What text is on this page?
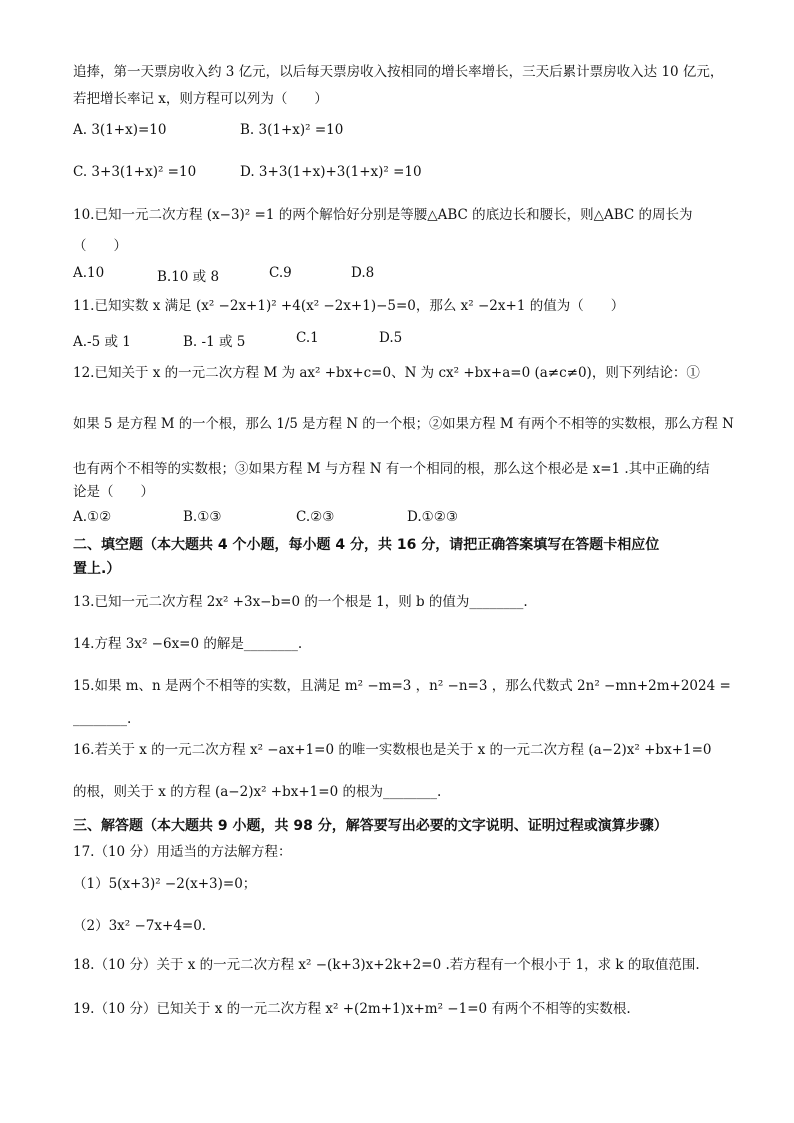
追捧，第一天票房收入约 3 亿元，以后每天票房收入按相同的增长率增长，三天后累计票房收入达 10 亿元，
若把增长率记 x，则方程可以列为（　　）
A. 3(1+x)=10	B. 3(1+x)² =10
C. 3+3(1+x)² =10	D. 3+3(1+x)+3(1+x)² =10
10.已知一元二次方程 (x−3)² =1 的两个解恰好分别是等腰△ABC 的底边长和腰长，则△ABC 的周长为
（　　）
A.10	B.10 或 8	C.9	D.8
11.已知实数 x 满足 (x² −2x+1)² +4(x² −2x+1)−5=0，那么 x² −2x+1 的值为（　　）
A.-5 或 1	B. -1 或 5	C.1	D.5
12.已知关于 x 的一元二次方程 M 为 ax² +bx+c=0、N 为 cx² +bx+a=0 (a≠c≠0)，则下列结论：①
如果 5 是方程 M 的一个根，那么 1/5 是方程 N 的一个根；②如果方程 M 有两个不相等的实数根，那么方程 N
也有两个不相等的实数根；③如果方程 M 与方程 N 有一个相同的根，那么这个根必是 x=1 .其中正确的结
论是（　　）
A.①②	B.①③	C.②③	D.①②③
二、填空题（本大题共 4 个小题，每小题 4 分，共 16 分，请把正确答案填写在答题卡相应位
置上.）
13.已知一元二次方程 2x² +3x−b=0 的一个根是 1，则 b 的值为________.
14.方程 3x² −6x=0 的解是________.
15.如果 m、n 是两个不相等的实数，且满足 m² −m=3 ，n² −n=3 ，那么代数式 2n² −mn+2m+2024 =
________.
16.若关于 x 的一元二次方程 x² −ax+1=0 的唯一实数根也是关于 x 的一元二次方程 (a−2)x² +bx+1=0
的根，则关于 x 的方程 (a−2)x² +bx+1=0 的根为________.
三、解答题（本大题共 9 小题，共 98 分，解答要写出必要的文字说明、证明过程或演算步骤）
17.（10 分）用适当的方法解方程：
（1）5(x+3)² −2(x+3)=0；
（2）3x² −7x+4=0.
18.（10 分）关于 x 的一元二次方程 x² −(k+3)x+2k+2=0 .若方程有一个根小于 1，求 k 的取值范围.
19.（10 分）已知关于 x 的一元二次方程 x² +(2m+1)x+m² −1=0 有两个不相等的实数根.
